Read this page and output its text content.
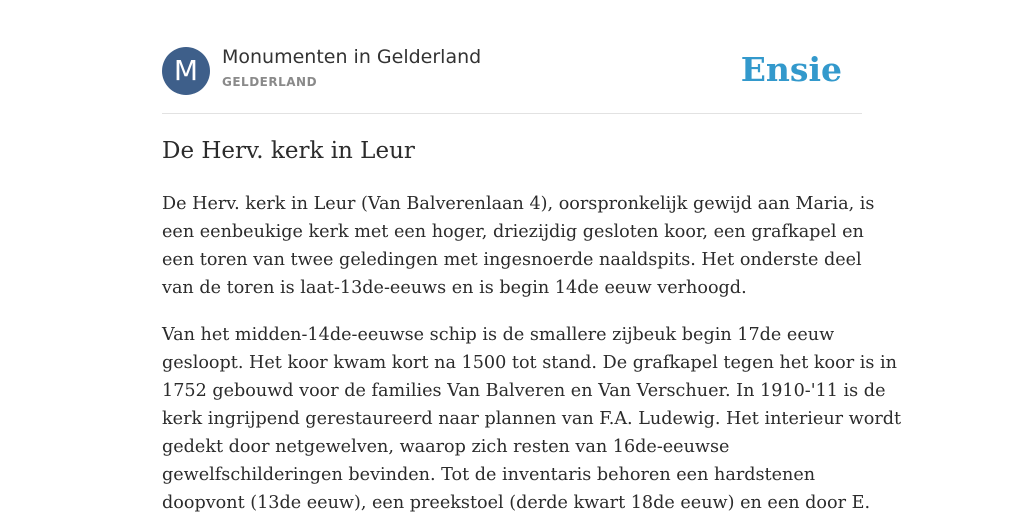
M	Monumenten in Gelderland
GELDERLAND	Ensie
De Herv. kerk in Leur

De Herv. kerk in Leur (Van Balverenlaan 4), oorspronkelijk gewijd aan Maria, is
een eenbeukige kerk met een hoger, driezijdig gesloten koor, een grafkapel en
een toren van twee geledingen met ingesnoerde naaldspits. Het onderste deel
van de toren is laat-13de-eeuws en is begin 14de eeuw verhoogd.

Van het midden-14de-eeuwse schip is de smallere zijbeuk begin 17de eeuw
gesloopt. Het koor kwam kort na 1500 tot stand. De grafkapel tegen het koor is in
1752 gebouwd voor de families Van Balveren en Van Verschuer. In 1910-'11 is de
kerk ingrijpend gerestaureerd naar plannen van F.A. Ludewig. Het interieur wordt
gedekt door netgewelven, waarop zich resten van 16de-eeuwse
gewelfschilderingen bevinden. Tot de inventaris behoren een hardstenen
doopvont (13de eeuw), een preekstoel (derde kwart 18de eeuw) en een door E.
